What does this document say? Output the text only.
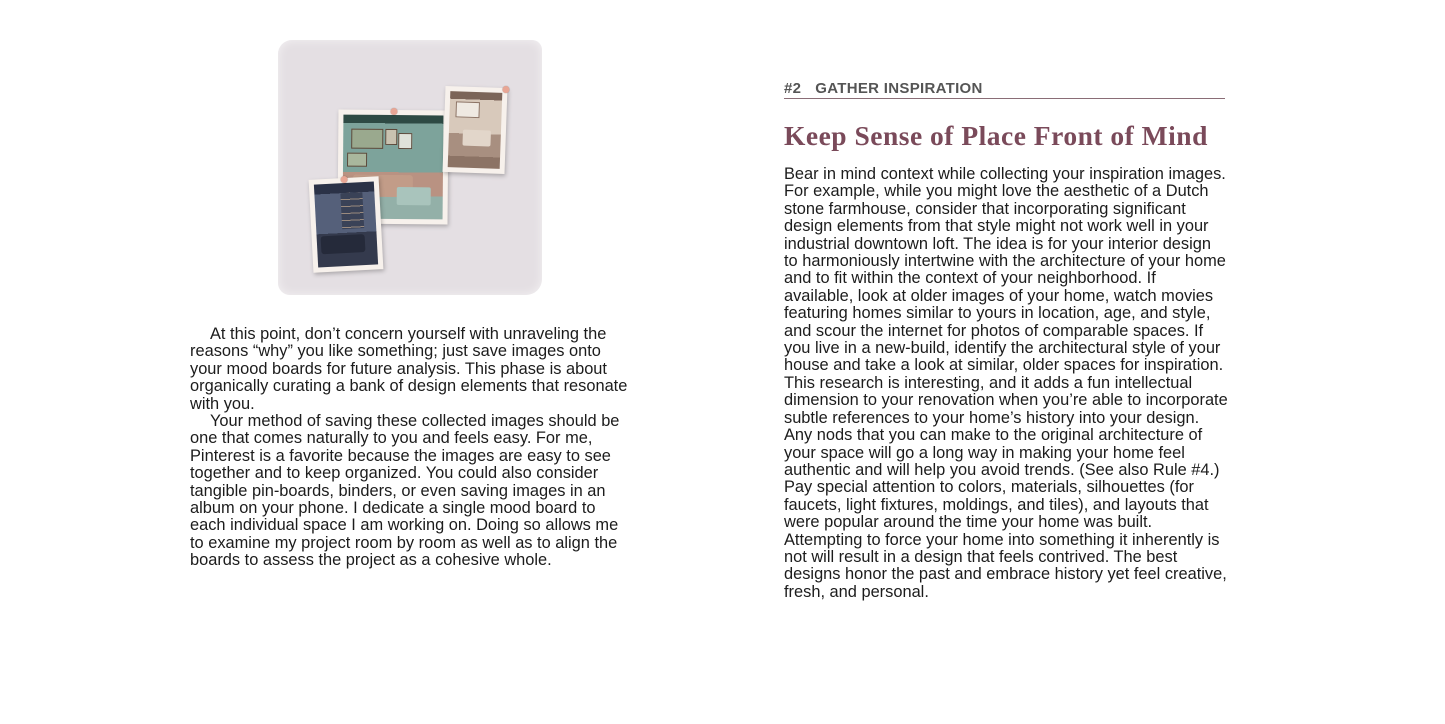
At this point, don’t concern yourself with unraveling the reasons “why” you like something; just save images onto your mood boards for future analysis. This phase is about organically curating a bank of design elements that resonate with you.

Your method of saving these collected images should be one that comes naturally to you and feels easy. For me, Pinterest is a favorite because the images are easy to see together and to keep organized. You could also consider tangible pin-boards, binders, or even saving images in an album on your phone. I dedicate a single mood board to each individual space I am working on. Doing so allows me to examine my project room by room as well as to align the boards to assess the project as a cohesive whole.

#2 GATHER INSPIRATION
Keep Sense of Place Front of Mind

Bear in mind context while collecting your inspiration images. For example, while you might love the aesthetic of a Dutch stone farmhouse, consider that incorporating significant design elements from that style might not work well in your industrial downtown loft. The idea is for your interior design to harmoniously intertwine with the architecture of your home and to fit within the context of your neighborhood. If available, look at older images of your home, watch movies featuring homes similar to yours in location, age, and style, and scour the internet for photos of comparable spaces. If you live in a new-build, identify the architectural style of your house and take a look at similar, older spaces for inspiration. This research is interesting, and it adds a fun intellectual dimension to your renovation when you’re able to incorporate subtle references to your home’s history into your design. Any nods that you can make to the original architecture of your space will go a long way in making your home feel authentic and will help you avoid trends. (See also Rule #4.) Pay special attention to colors, materials, silhouettes (for faucets, light fixtures, moldings, and tiles), and layouts that were popular around the time your home was built. Attempting to force your home into something it inherently is not will result in a design that feels contrived. The best designs honor the past and embrace history yet feel creative, fresh, and personal.
